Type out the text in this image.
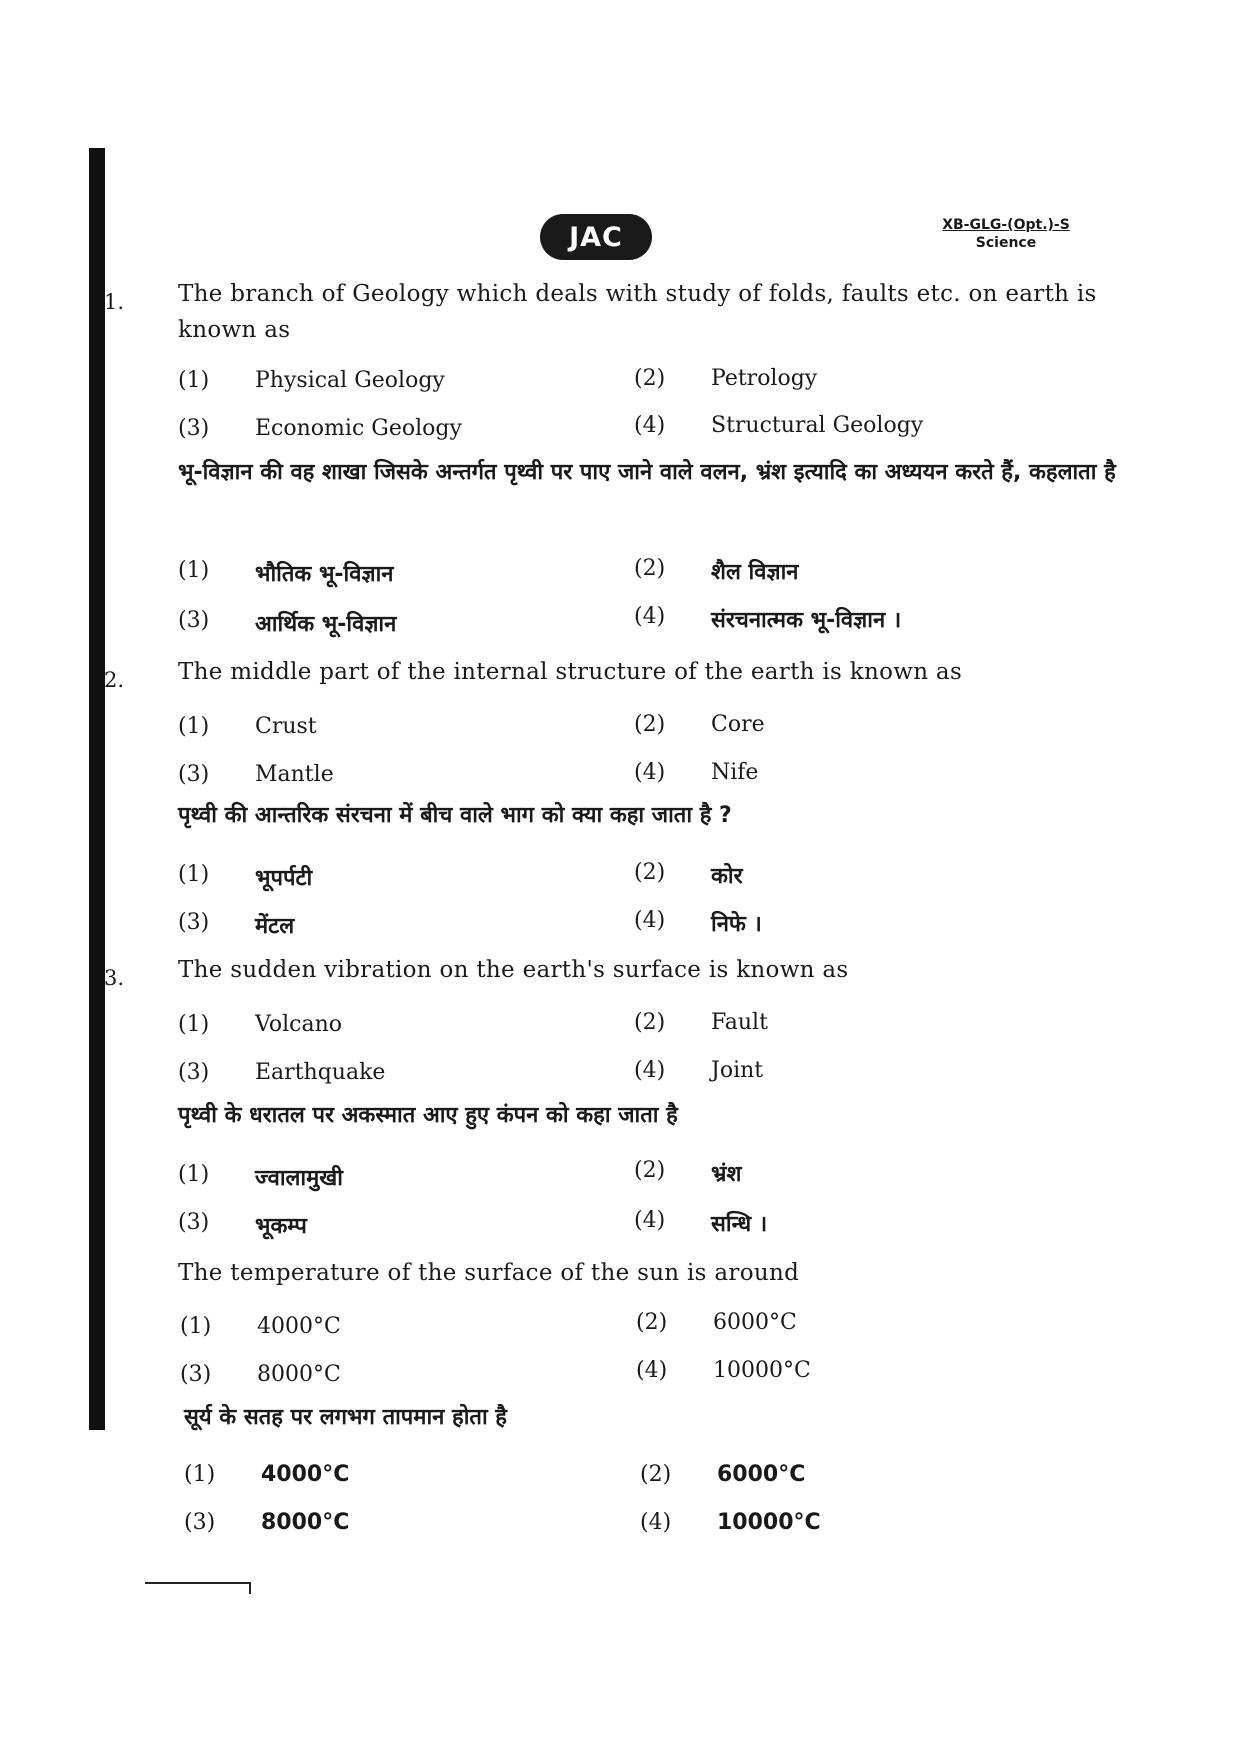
JAC	XB-GLG-(Opt.)-S
Science
1. The branch of Geology which deals with study of folds, faults etc. on earth is known as
(1) Physical Geology	(2) Petrology
(3) Economic Geology	(4) Structural Geology
भू-विज्ञान की वह शाखा जिसके अन्तर्गत पृथ्वी पर पाए जाने वाले वलन, भ्रंश इत्यादि का अध्ययन करते हैं, कहलाता है
(1) भौतिक भू-विज्ञान	(2) शैल विज्ञान
(3) आर्थिक भू-विज्ञान	(4) संरचनात्मक भू-विज्ञान ।
2. The middle part of the internal structure of the earth is known as
(1) Crust	(2) Core
(3) Mantle	(4) Nife
पृथ्वी की आन्तरिक संरचना में बीच वाले भाग को क्या कहा जाता है ?
(1) भूपर्पटी	(2) कोर
(3) मेंटल	(4) निफे ।
3. The sudden vibration on the earth's surface is known as
(1) Volcano	(2) Fault
(3) Earthquake	(4) Joint
पृथ्वी के धरातल पर अकस्मात आए हुए कंपन को कहा जाता है
(1) ज्वालामुखी	(2) भ्रंश
(3) भूकम्प	(4) सन्धि ।
The temperature of the surface of the sun is around
(1) 4000°C	(2) 6000°C
(3) 8000°C	(4) 10000°C
सूर्य के सतह पर लगभग तापमान होता है
(1) 4000°C	(2) 6000°C
(3) 8000°C	(4) 10000°C
